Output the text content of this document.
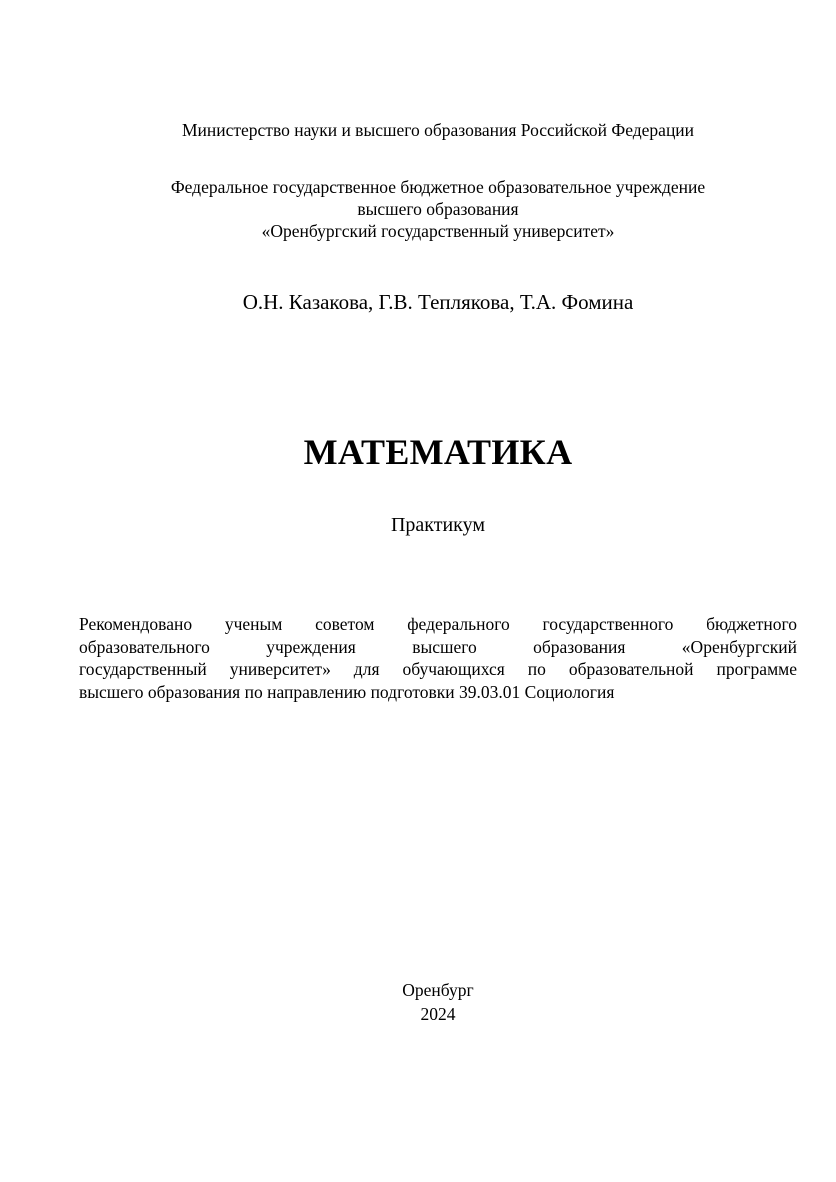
Министерство науки и высшего образования Российской Федерации
Федеральное государственное бюджетное образовательное учреждение
высшего образования
«Оренбургский государственный университет»
О.Н. Казакова, Г.В. Теплякова, Т.А. Фомина
МАТЕМАТИКА
Практикум
Рекомендовано ученым советом федерального государственного бюджетного
образовательного учреждения высшего образования «Оренбургский
государственный университет» для обучающихся по образовательной программе
высшего образования по направлению подготовки 39.03.01 Социология
Оренбург
2024
